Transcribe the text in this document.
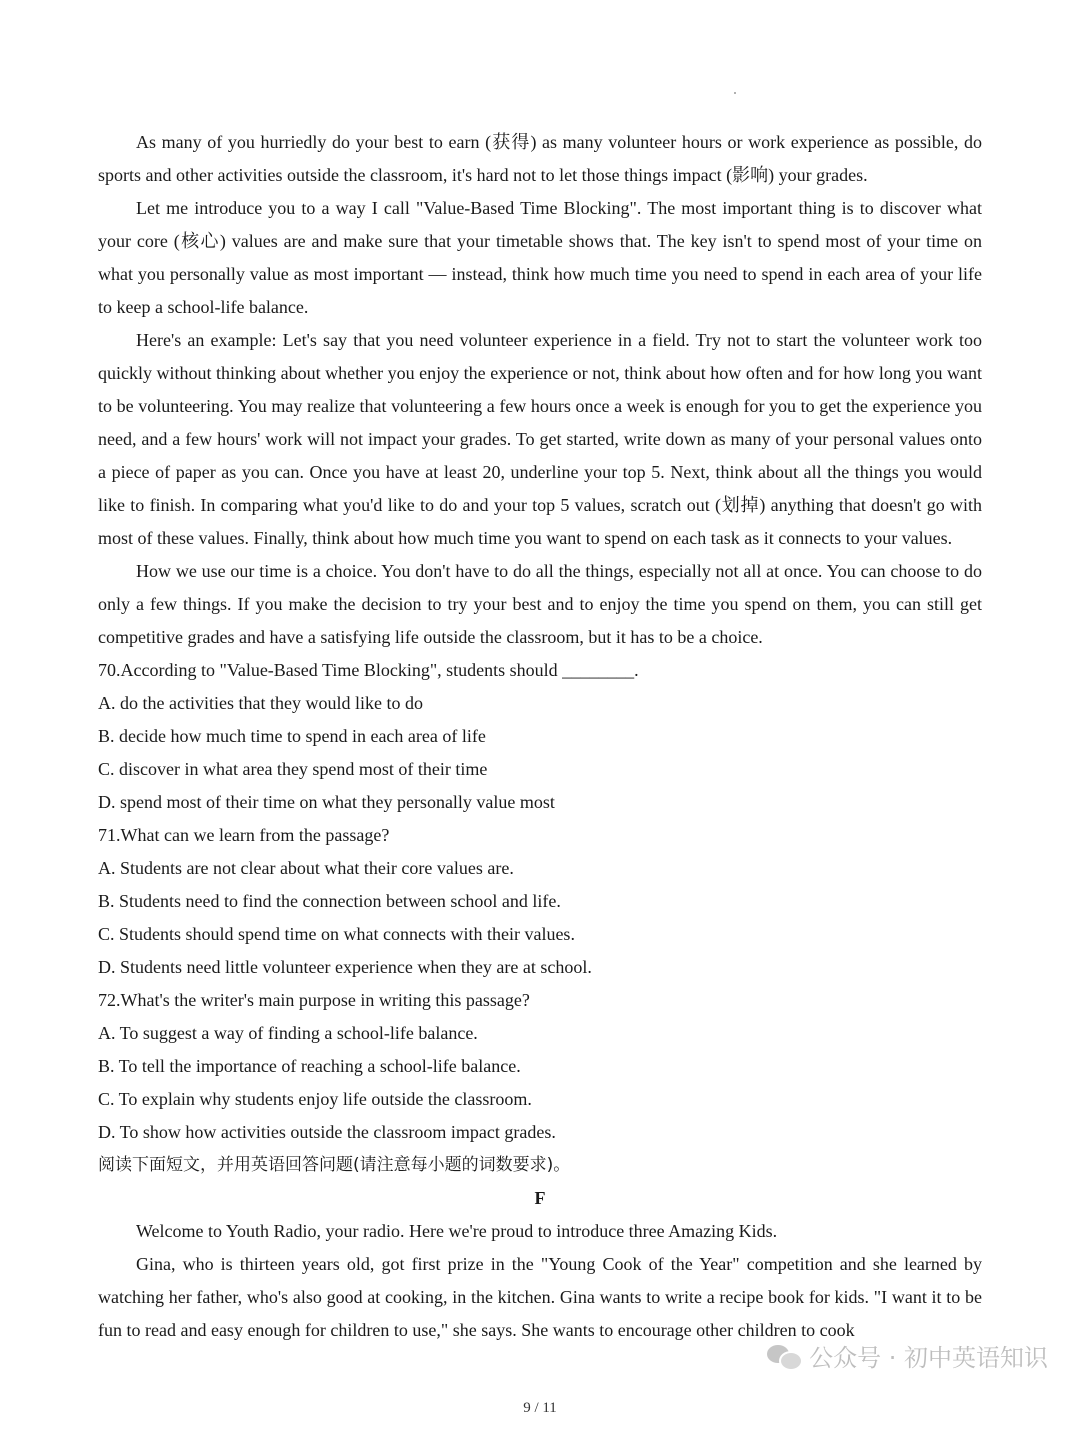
As many of you hurriedly do your best to earn (获得) as many volunteer hours or work experience as possible, do sports and other activities outside the classroom, it's hard not to let those things impact (影响) your grades.

Let me introduce you to a way I call "Value-Based Time Blocking". The most important thing is to discover what your core (核心) values are and make sure that your timetable shows that. The key isn't to spend most of your time on what you personally value as most important — instead, think how much time you need to spend in each area of your life to keep a school-life balance.

Here's an example: Let's say that you need volunteer experience in a field. Try not to start the volunteer work too quickly without thinking about whether you enjoy the experience or not, think about how often and for how long you want to be volunteering. You may realize that volunteering a few hours once a week is enough for you to get the experience you need, and a few hours' work will not impact your grades. To get started, write down as many of your personal values onto a piece of paper as you can. Once you have at least 20, underline your top 5. Next, think about all the things you would like to finish. In comparing what you'd like to do and your top 5 values, scratch out (划掉) anything that doesn't go with most of these values. Finally, think about how much time you want to spend on each task as it connects to your values.

How we use our time is a choice. You don't have to do all the things, especially not all at once. You can choose to do only a few things. If you make the decision to try your best and to enjoy the time you spend on them, you can still get competitive grades and have a satisfying life outside the classroom, but it has to be a choice.

70.According to "Value-Based Time Blocking", students should ________.

A. do the activities that they would like to do

B. decide how much time to spend in each area of life

C. discover in what area they spend most of their time

D. spend most of their time on what they personally value most

71.What can we learn from the passage?

A. Students are not clear about what their core values are.

B. Students need to find the connection between school and life.

C. Students should spend time on what connects with their values.

D. Students need little volunteer experience when they are at school.

72.What's the writer's main purpose in writing this passage?

A. To suggest a way of finding a school-life balance.

B. To tell the importance of reaching a school-life balance.

C. To explain why students enjoy life outside the classroom.

D. To show how activities outside the classroom impact grades.

阅读下面短文，并用英语回答问题(请注意每小题的词数要求)。

F

Welcome to Youth Radio, your radio. Here we're proud to introduce three Amazing Kids.

Gina, who is thirteen years old, got first prize in the "Young Cook of the Year" competition and she learned by watching her father, who's also good at cooking, in the kitchen. Gina wants to write a recipe book for kids. "I want it to be fun to read and easy enough for children to use," she says. She wants to encourage other children to cook

公众号 · 初中英语知识
9 / 11
